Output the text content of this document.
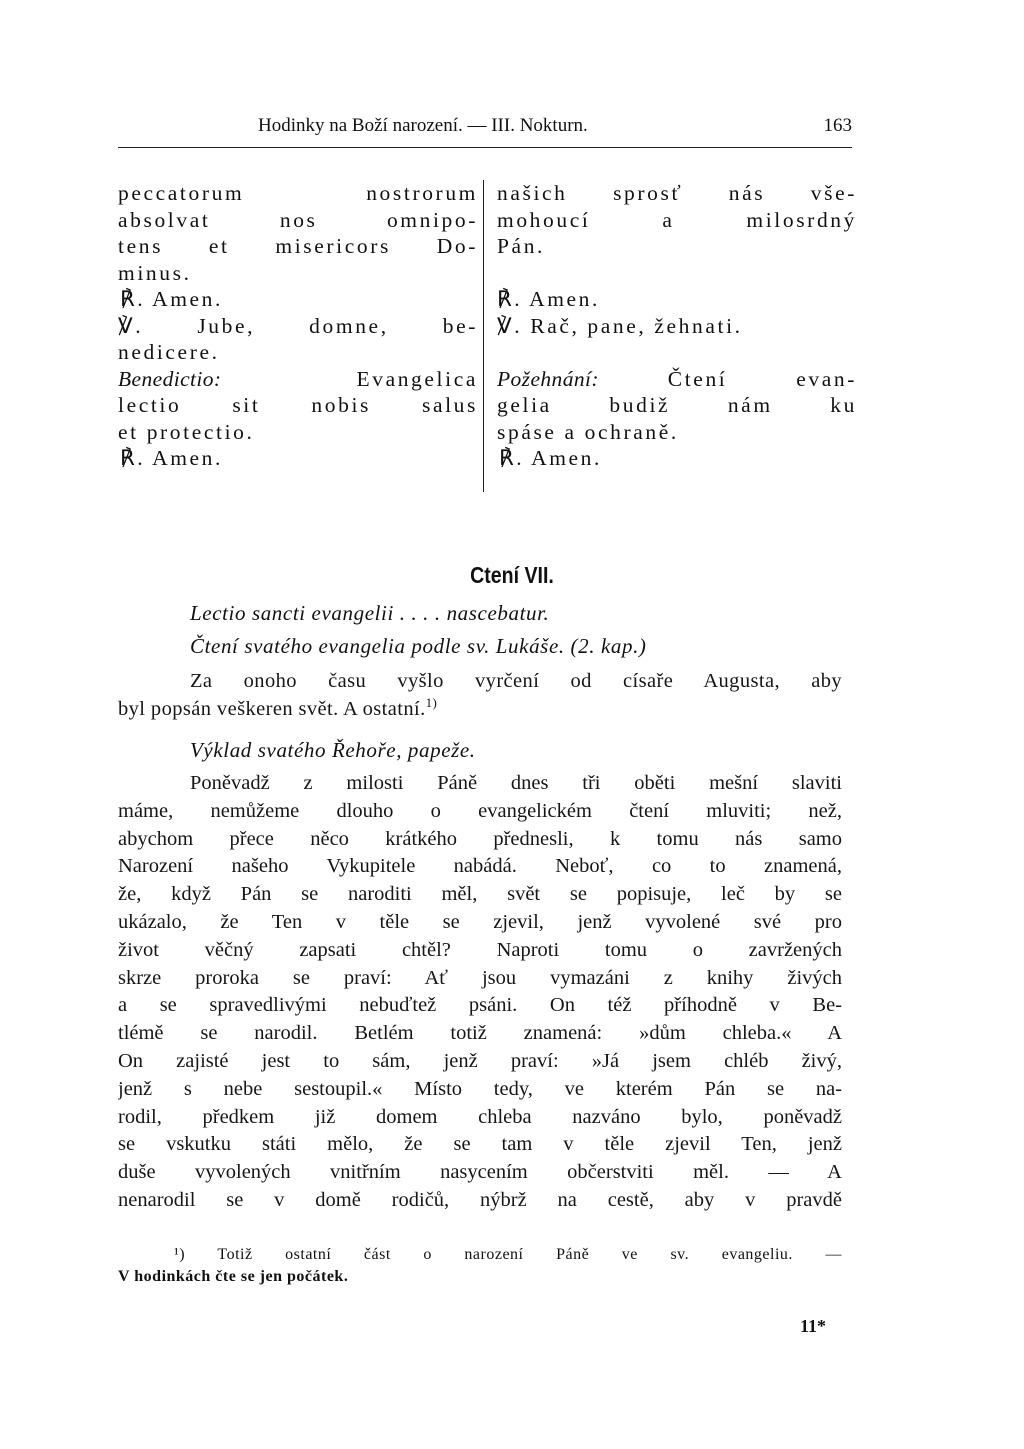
Hodinky na Boží narození. — III. Nokturn.	163
peccatorum nostrorum
absolvat nos omnipo-
tens et misericors Do-
minus.
℟. Amen.
℣. Jube, domne, be-
nedicere.
Benedictio:	Evangelica
lectio sit nobis salus
et protectio.
℟. Amen.
našich sprosť nás vše-
mohoucí a milosrdný
Pán.
℟. Amen.
℣. Rač, pane, žehnati.
Požehnání:	Čtení evan-
gelia budiž nám ku
spáse a ochraně.
℟. Amen.
Ctení VII.
Lectio sancti evangelii . . . . nascebatur.
Čtení svatého evangelia podle sv. Lukáše. (2. kap.)
Za onoho času vyšlo vyrčení od císaře Augusta, aby
byl popsán veškeren svět. A ostatní.$^{1)}$
Výklad svatého Řehoře, papeže.
Poněvadž z milosti Páně dnes tři oběti mešní slaviti
máme, nemůžeme dlouho o evangelickém čtení mluviti; než,
abychom přece něco krátkého přednesli, k tomu nás samo
Narození našeho Vykupitele nabádá. Neboť, co to znamená,
že, když Pán se naroditi měl, svět se popisuje, leč by se
ukázalo, že Ten v těle se zjevil, jenž vyvolené své pro
život věčný zapsati chtěl? Naproti tomu o zavržených
skrze proroka se praví: Ať jsou vymazáni z knihy živých
a se spravedlivými nebuďtež psáni. On též příhodně v Be-
tlémě se narodil. Betlém totiž znamená: »dům chleba.« A
On zajisté jest to sám, jenž praví: »Já jsem chléb živý,
jenž s nebe sestoupil.« Místo tedy, ve kterém Pán se na-
rodil, předkem již domem chleba nazváno bylo, poněvadž
se vskutku státi mělo, že se tam v těle zjevil Ten, jenž
duše vyvolených vnitřním nasycením občerstviti měl. — A
nenarodil se v domě rodičů, nýbrž na cestě, aby v pravdě
¹) Totiž ostatní část o narození Páně ve sv. evangeliu. —
V hodinkách čte se jen počátek.
11*
